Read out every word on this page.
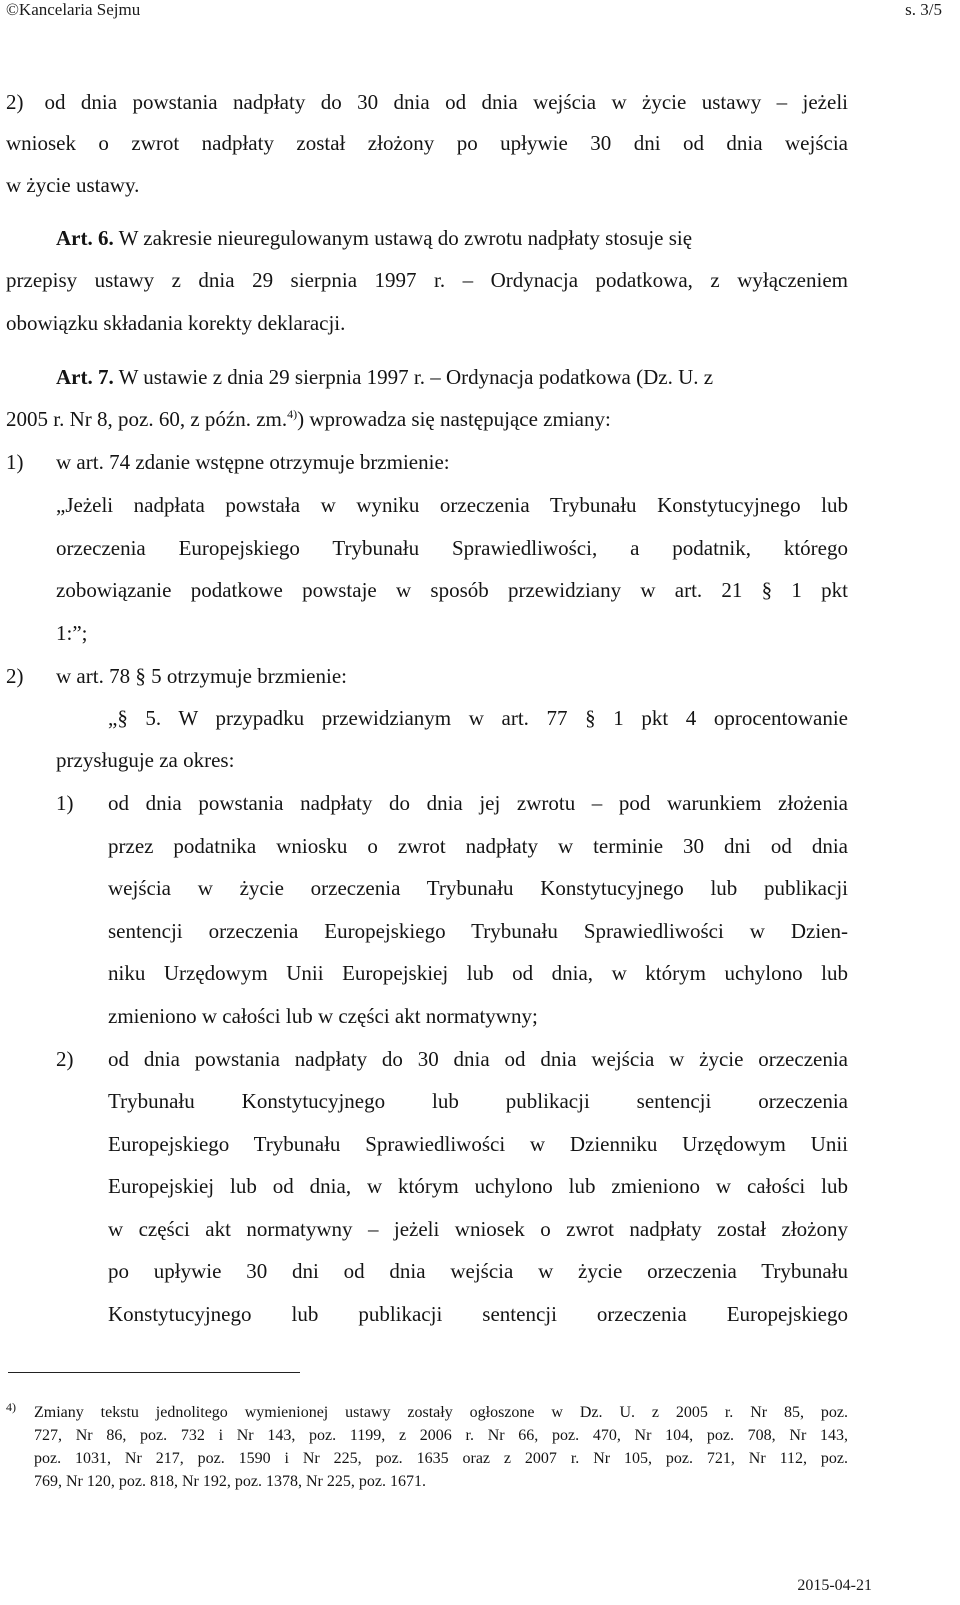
©Kancelaria Sejmu	s. 3/5
2) od dnia powstania nadpłaty do 30 dnia od dnia wejścia w życie ustawy – jeżeli
wniosek o zwrot nadpłaty został złożony po upływie 30 dni od dnia wejścia
w życie ustawy.
Art. 6. W zakresie nieuregulowanym ustawą do zwrotu nadpłaty stosuje się
przepisy ustawy z dnia 29 sierpnia 1997 r. – Ordynacja podatkowa, z wyłączeniem
obowiązku składania korekty deklaracji.
Art. 7. W ustawie z dnia 29 sierpnia 1997 r. – Ordynacja podatkowa (Dz. U. z
2005 r. Nr 8, poz. 60, z późn. zm.$^{4)}$) wprowadza się następujące zmiany:
1) w art. 74 zdanie wstępne otrzymuje brzmienie:
„Jeżeli nadpłata powstała w wyniku orzeczenia Trybunału Konstytucyjnego lub
orzeczenia Europejskiego Trybunału Sprawiedliwości, a podatnik, którego
zobowiązanie podatkowe powstaje w sposób przewidziany w art. 21 § 1 pkt
1:”;
2) w art. 78 § 5 otrzymuje brzmienie:
„§ 5. W przypadku przewidzianym w art. 77 § 1 pkt 4 oprocentowanie
przysługuje za okres:
1) od dnia powstania nadpłaty do dnia jej zwrotu – pod warunkiem złożenia
przez podatnika wniosku o zwrot nadpłaty w terminie 30 dni od dnia
wejścia w życie orzeczenia Trybunału Konstytucyjnego lub publikacji
sentencji orzeczenia Europejskiego Trybunału Sprawiedliwości w Dzien-
niku Urzędowym Unii Europejskiej lub od dnia, w którym uchylono lub
zmieniono w całości lub w części akt normatywny;
2) od dnia powstania nadpłaty do 30 dnia od dnia wejścia w życie orzeczenia
Trybunału Konstytucyjnego lub publikacji sentencji orzeczenia
Europejskiego Trybunału Sprawiedliwości w Dzienniku Urzędowym Unii
Europejskiej lub od dnia, w którym uchylono lub zmieniono w całości lub
w części akt normatywny – jeżeli wniosek o zwrot nadpłaty został złożony
po upływie 30 dni od dnia wejścia w życie orzeczenia Trybunału
Konstytucyjnego lub publikacji sentencji orzeczenia Europejskiego
4) Zmiany tekstu jednolitego wymienionej ustawy zostały ogłoszone w Dz. U. z 2005 r. Nr 85, poz.
727, Nr 86, poz. 732 i Nr 143, poz. 1199, z 2006 r. Nr 66, poz. 470, Nr 104, poz. 708, Nr 143,
poz. 1031, Nr 217, poz. 1590 i Nr 225, poz. 1635 oraz z 2007 r. Nr 105, poz. 721, Nr 112, poz.
769, Nr 120, poz. 818, Nr 192, poz. 1378, Nr 225, poz. 1671.
2015-04-21
